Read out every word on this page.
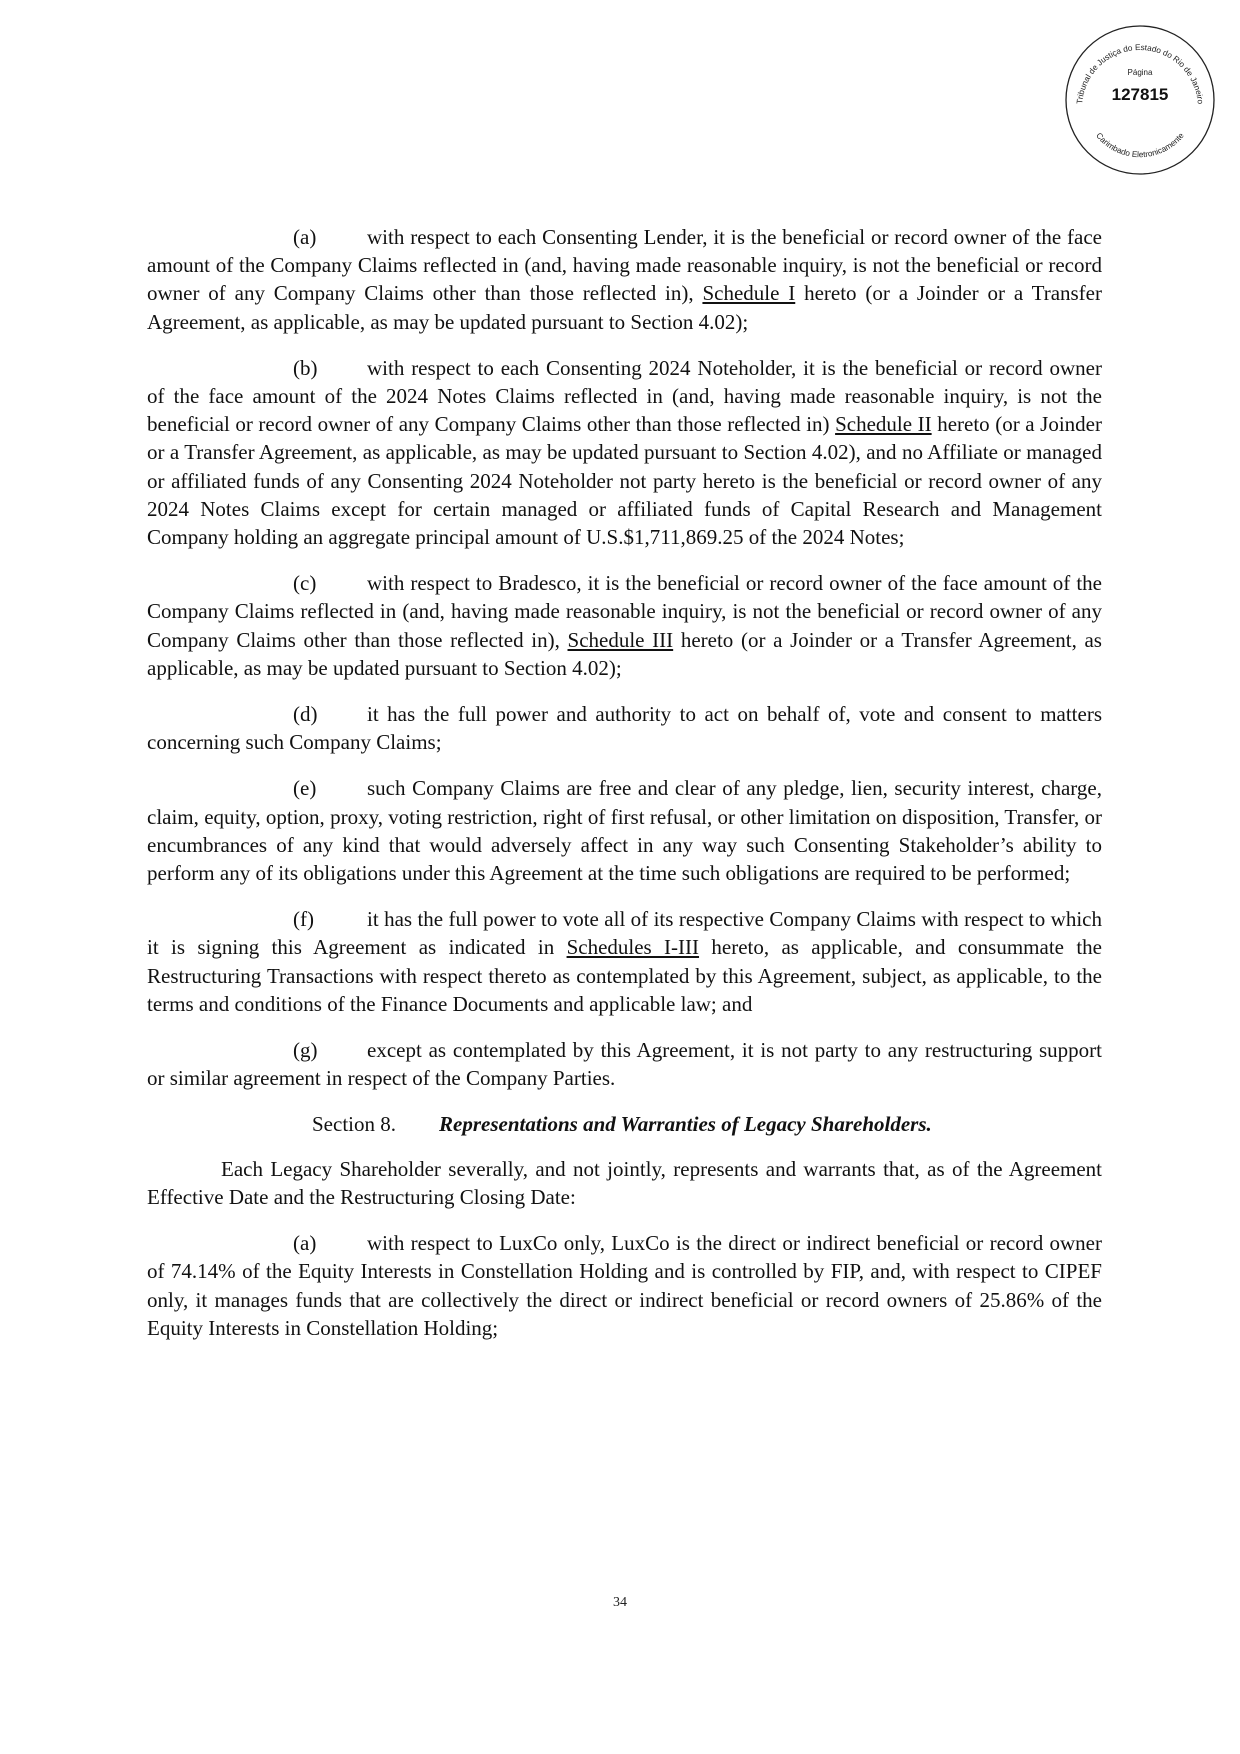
Tribunal de Justiça do Estado do Rio de Janeiro
Carimbado Eletronicamente
Página
127815

(a) with respect to each Consenting Lender, it is the beneficial or record owner of the face amount of the Company Claims reflected in (and, having made reasonable inquiry, is not the beneficial or record owner of any Company Claims other than those reflected in), Schedule I hereto (or a Joinder or a Transfer Agreement, as applicable, as may be updated pursuant to Section 4.02);

(b) with respect to each Consenting 2024 Noteholder, it is the beneficial or record owner of the face amount of the 2024 Notes Claims reflected in (and, having made reasonable inquiry, is not the beneficial or record owner of any Company Claims other than those reflected in) Schedule II hereto (or a Joinder or a Transfer Agreement, as applicable, as may be updated pursuant to Section 4.02), and no Affiliate or managed or affiliated funds of any Consenting 2024 Noteholder not party hereto is the beneficial or record owner of any 2024 Notes Claims except for certain managed or affiliated funds of Capital Research and Management Company holding an aggregate principal amount of U.S.$1,711,869.25 of the 2024 Notes;

(c) with respect to Bradesco, it is the beneficial or record owner of the face amount of the Company Claims reflected in (and, having made reasonable inquiry, is not the beneficial or record owner of any Company Claims other than those reflected in), Schedule III hereto (or a Joinder or a Transfer Agreement, as applicable, as may be updated pursuant to Section 4.02);

(d) it has the full power and authority to act on behalf of, vote and consent to matters concerning such Company Claims;

(e) such Company Claims are free and clear of any pledge, lien, security interest, charge, claim, equity, option, proxy, voting restriction, right of first refusal, or other limitation on disposition, Transfer, or encumbrances of any kind that would adversely affect in any way such Consenting Stakeholder’s ability to perform any of its obligations under this Agreement at the time such obligations are required to be performed;

(f)	it has the full power to vote all of its respective Company Claims with respect to which it is signing this Agreement as indicated in Schedules I-III hereto, as applicable, and consummate the Restructuring Transactions with respect thereto as contemplated by this Agreement, subject, as applicable, to the terms and conditions of the Finance Documents and applicable law; and

(g) except as contemplated by this Agreement, it is not party to any restructuring support or similar agreement in respect of the Company Parties.

Section 8. Representations and Warranties of Legacy Shareholders.

Each Legacy Shareholder severally, and not jointly, represents and warrants that, as of the Agreement Effective Date and the Restructuring Closing Date:

(a) with respect to LuxCo only, LuxCo is the direct or indirect beneficial or record owner of 74.14% of the Equity Interests in Constellation Holding and is controlled by FIP, and, with respect to CIPEF only, it manages funds that are collectively the direct or indirect beneficial or record owners of 25.86% of the Equity Interests in Constellation Holding;

34
